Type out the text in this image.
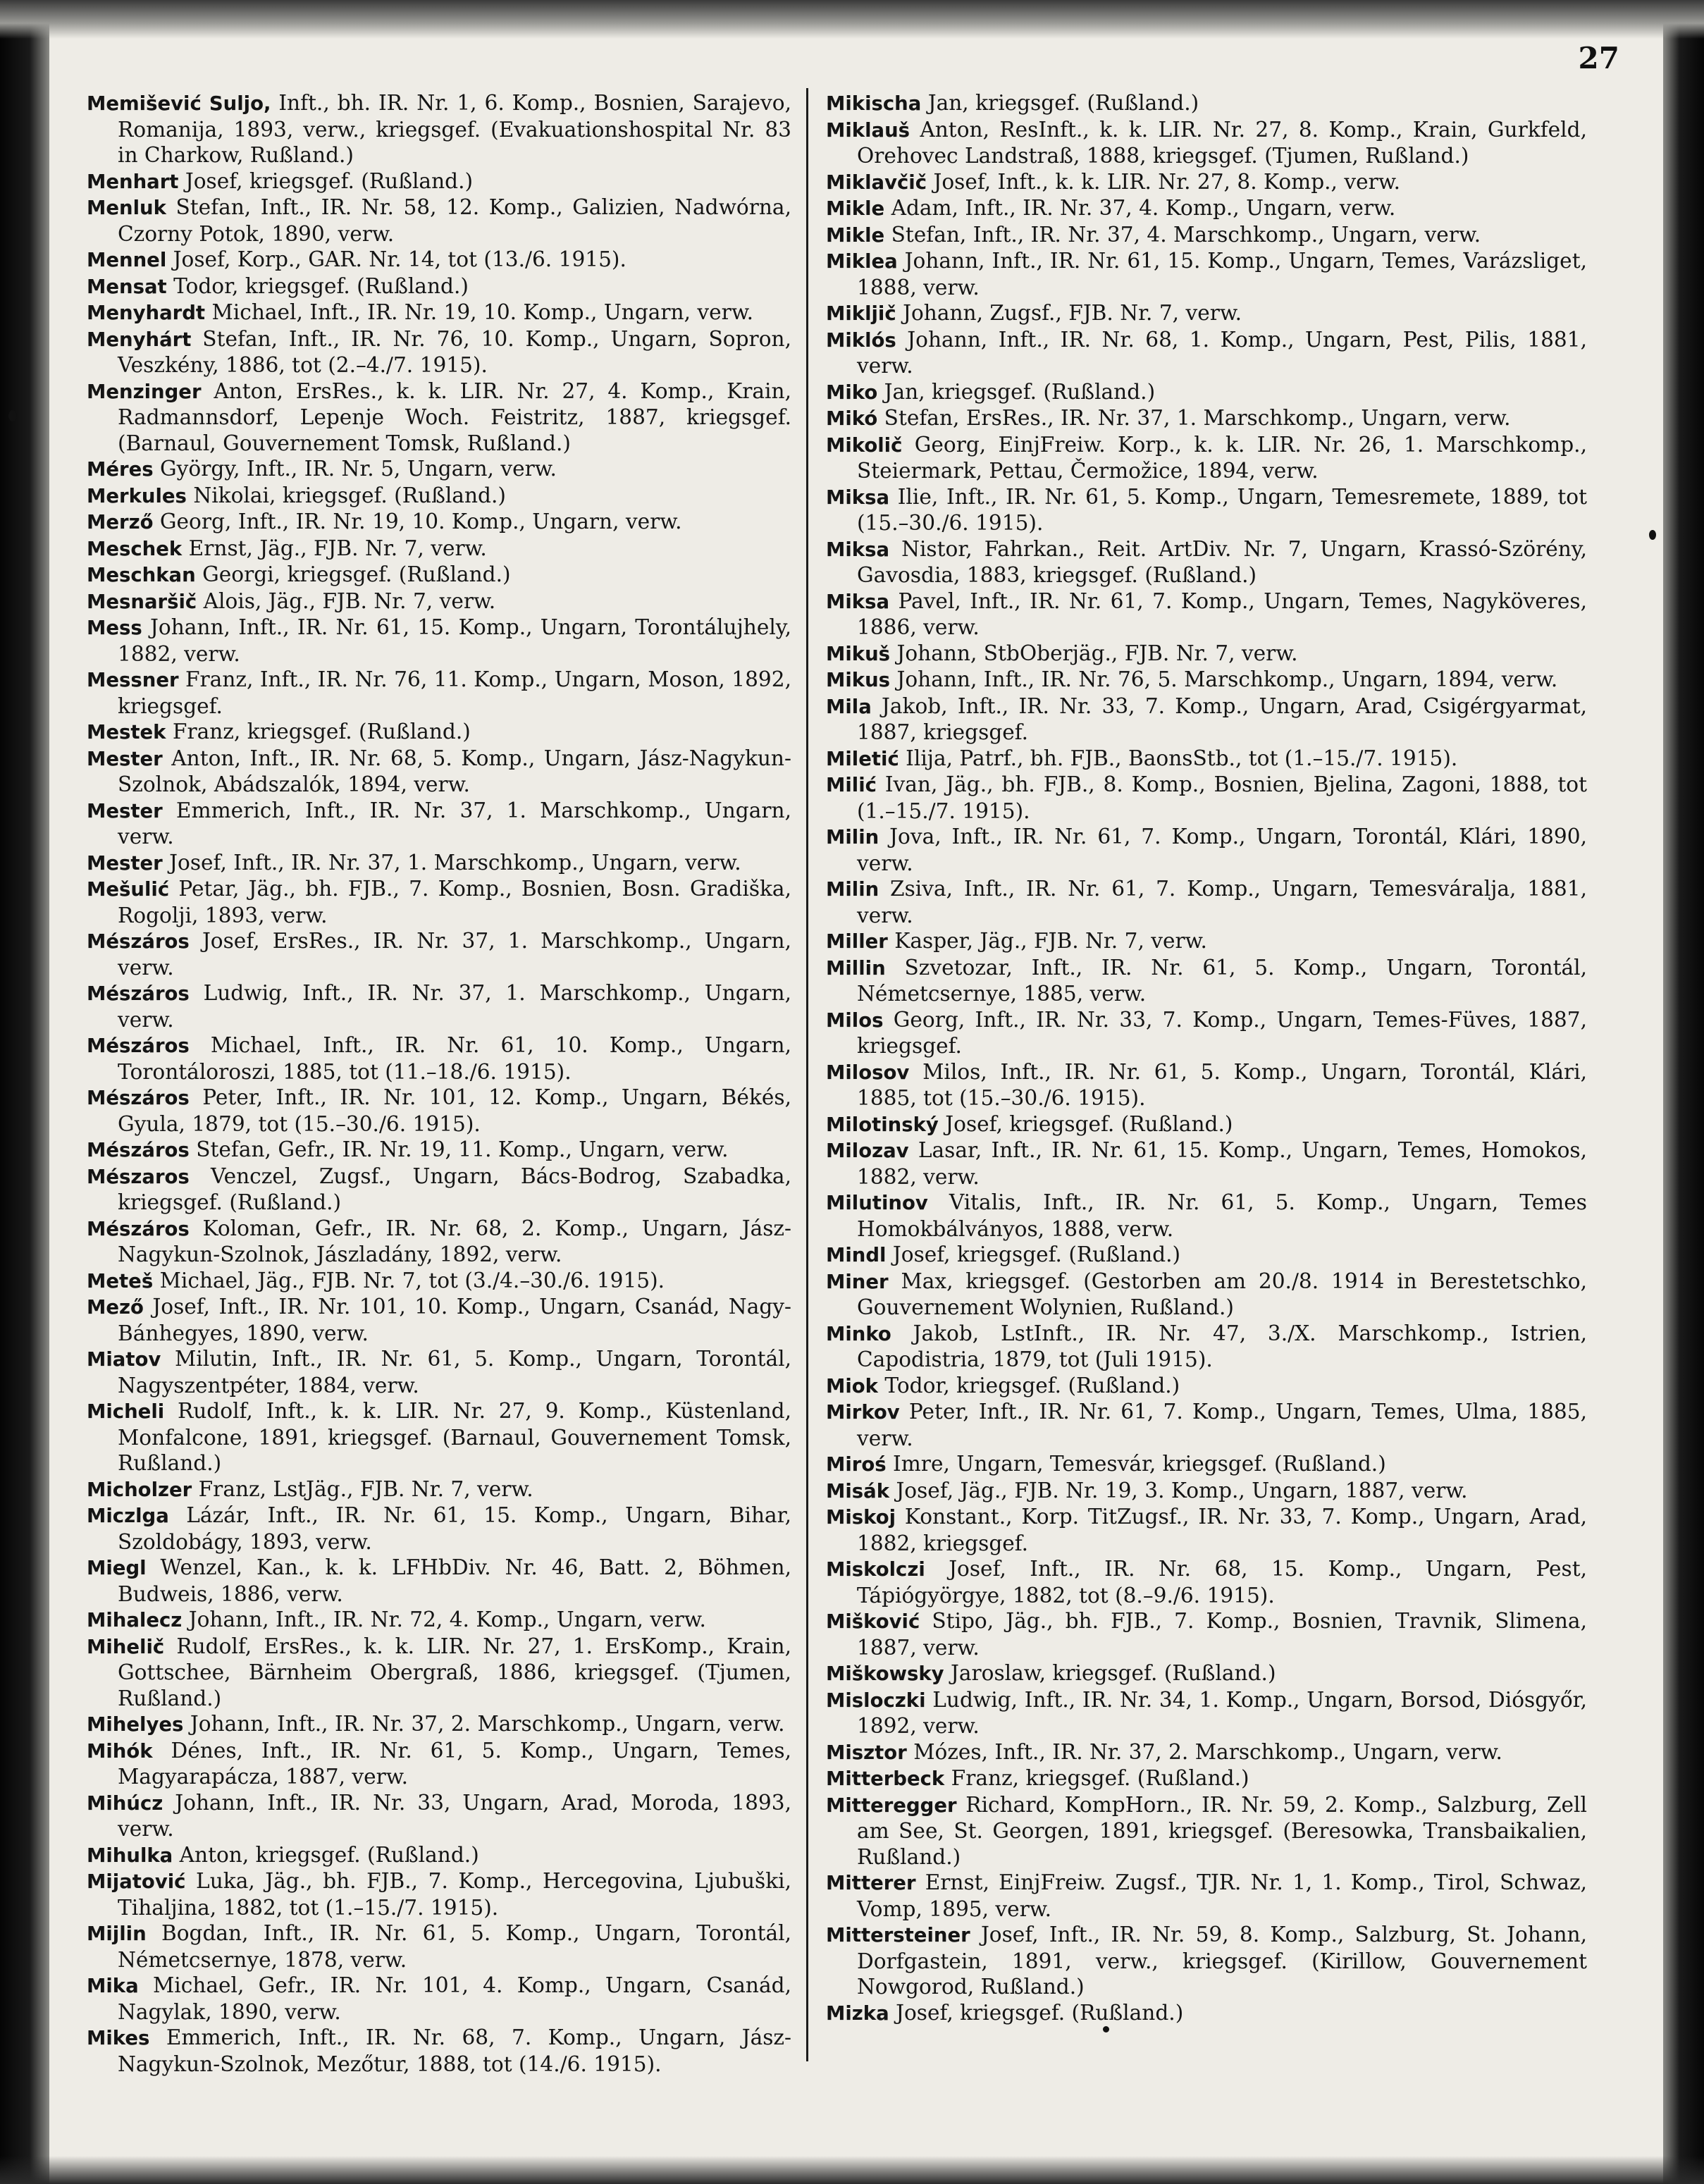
27

Memišević Suljo, Inft., bh. IR. Nr. 1, 6. Komp., Bosnien, Sarajevo, Romanija, 1893, verw., kriegsgef. (Evakuationshospital Nr. 83 in Charkow, Rußland.)

Menhart Josef, kriegsgef. (Rußland.)

Menluk Stefan, Inft., IR. Nr. 58, 12. Komp., Galizien, Nadwórna, Czorny Potok, 1890, verw.

Mennel Josef, Korp., GAR. Nr. 14, tot (13./6. 1915).

Mensat Todor, kriegsgef. (Rußland.)

Menyhardt Michael, Inft., IR. Nr. 19, 10. Komp., Ungarn, verw.

Menyhárt Stefan, Inft., IR. Nr. 76, 10. Komp., Ungarn, Sopron, Veszkény, 1886, tot (2.–4./7. 1915).

Menzinger Anton, ErsRes., k. k. LIR. Nr. 27, 4. Komp., Krain, Radmannsdorf, Lepenje Woch. Feistritz, 1887, kriegsgef. (Barnaul, Gouvernement Tomsk, Rußland.)

Méres György, Inft., IR. Nr. 5, Ungarn, verw.

Merkules Nikolai, kriegsgef. (Rußland.)

Merző Georg, Inft., IR. Nr. 19, 10. Komp., Ungarn, verw.

Meschek Ernst, Jäg., FJB. Nr. 7, verw.

Meschkan Georgi, kriegsgef. (Rußland.)

Mesnaršič Alois, Jäg., FJB. Nr. 7, verw.

Mess Johann, Inft., IR. Nr. 61, 15. Komp., Ungarn, Torontálujhely, 1882, verw.

Messner Franz, Inft., IR. Nr. 76, 11. Komp., Ungarn, Moson, 1892, kriegsgef.

Mestek Franz, kriegsgef. (Rußland.)

Mester Anton, Inft., IR. Nr. 68, 5. Komp., Ungarn, Jász-Nagykun-Szolnok, Abádszalók, 1894, verw.

Mester Emmerich, Inft., IR. Nr. 37, 1. Marschkomp., Ungarn, verw.

Mester Josef, Inft., IR. Nr. 37, 1. Marschkomp., Ungarn, verw.

Mešulić Petar, Jäg., bh. FJB., 7. Komp., Bosnien, Bosn. Gradiška, Rogolji, 1893, verw.

Mészáros Josef, ErsRes., IR. Nr. 37, 1. Marschkomp., Ungarn, verw.

Mészáros Ludwig, Inft., IR. Nr. 37, 1. Marschkomp., Ungarn, verw.

Mészáros Michael, Inft., IR. Nr. 61, 10. Komp., Ungarn, Torontáloroszi, 1885, tot (11.–18./6. 1915).

Mészáros Peter, Inft., IR. Nr. 101, 12. Komp., Ungarn, Békés, Gyula, 1879, tot (15.–30./6. 1915).

Mészáros Stefan, Gefr., IR. Nr. 19, 11. Komp., Ungarn, verw.

Mészaros Venczel, Zugsf., Ungarn, Bács-Bodrog, Szabadka, kriegsgef. (Rußland.)

Mészáros Koloman, Gefr., IR. Nr. 68, 2. Komp., Ungarn, Jász-Nagykun-Szolnok, Jászladány, 1892, verw.

Meteš Michael, Jäg., FJB. Nr. 7, tot (3./4.–30./6. 1915).

Mező Josef, Inft., IR. Nr. 101, 10. Komp., Ungarn, Csanád, Nagy-Bánhegyes, 1890, verw.

Miatov Milutin, Inft., IR. Nr. 61, 5. Komp., Ungarn, Torontál, Nagyszentpéter, 1884, verw.

Micheli Rudolf, Inft., k. k. LIR. Nr. 27, 9. Komp., Küstenland, Monfalcone, 1891, kriegsgef. (Barnaul, Gouvernement Tomsk, Rußland.)

Micholzer Franz, LstJäg., FJB. Nr. 7, verw.

Miczlga Lázár, Inft., IR. Nr. 61, 15. Komp., Ungarn, Bihar, Szoldobágy, 1893, verw.

Miegl Wenzel, Kan., k. k. LFHbDiv. Nr. 46, Batt. 2, Böhmen, Budweis, 1886, verw.

Mihalecz Johann, Inft., IR. Nr. 72, 4. Komp., Ungarn, verw.

Mihelič Rudolf, ErsRes., k. k. LIR. Nr. 27, 1. ErsKomp., Krain, Gottschee, Bärnheim Obergraß, 1886, kriegsgef. (Tjumen, Rußland.)

Mihelyes Johann, Inft., IR. Nr. 37, 2. Marschkomp., Ungarn, verw.

Mihók Dénes, Inft., IR. Nr. 61, 5. Komp., Ungarn, Temes, Magyarapácza, 1887, verw.

Mihúcz Johann, Inft., IR. Nr. 33, Ungarn, Arad, Moroda, 1893, verw.

Mihulka Anton, kriegsgef. (Rußland.)

Mijatović Luka, Jäg., bh. FJB., 7. Komp., Hercegovina, Ljubuški, Tihaljina, 1882, tot (1.–15./7. 1915).

Mijlin Bogdan, Inft., IR. Nr. 61, 5. Komp., Ungarn, Torontál, Németcsernye, 1878, verw.

Mika Michael, Gefr., IR. Nr. 101, 4. Komp., Ungarn, Csanád, Nagylak, 1890, verw.

Mikes Emmerich, Inft., IR. Nr. 68, 7. Komp., Ungarn, Jász-Nagykun-Szolnok, Mezőtur, 1888, tot (14./6. 1915).

Mikischa Jan, kriegsgef. (Rußland.)

Miklauš Anton, ResInft., k. k. LIR. Nr. 27, 8. Komp., Krain, Gurkfeld, Orehovec Landstraß, 1888, kriegsgef. (Tjumen, Rußland.)

Miklavčič Josef, Inft., k. k. LIR. Nr. 27, 8. Komp., verw.

Mikle Adam, Inft., IR. Nr. 37, 4. Komp., Ungarn, verw.

Mikle Stefan, Inft., IR. Nr. 37, 4. Marschkomp., Ungarn, verw.

Miklea Johann, Inft., IR. Nr. 61, 15. Komp., Ungarn, Temes, Varázsliget, 1888, verw.

Mikljič Johann, Zugsf., FJB. Nr. 7, verw.

Miklós Johann, Inft., IR. Nr. 68, 1. Komp., Ungarn, Pest, Pilis, 1881, verw.

Miko Jan, kriegsgef. (Rußland.)

Mikó Stefan, ErsRes., IR. Nr. 37, 1. Marschkomp., Ungarn, verw.

Mikolič Georg, EinjFreiw. Korp., k. k. LIR. Nr. 26, 1. Marschkomp., Steiermark, Pettau, Čermožice, 1894, verw.

Miksa Ilie, Inft., IR. Nr. 61, 5. Komp., Ungarn, Temesremete, 1889, tot (15.–30./6. 1915).

Miksa Nistor, Fahrkan., Reit. ArtDiv. Nr. 7, Ungarn, Krassó-Szörény, Gavosdia, 1883, kriegsgef. (Rußland.)

Miksa Pavel, Inft., IR. Nr. 61, 7. Komp., Ungarn, Temes, Nagyköveres, 1886, verw.

Mikuš Johann, StbOberjäg., FJB. Nr. 7, verw.

Mikus Johann, Inft., IR. Nr. 76, 5. Marschkomp., Ungarn, 1894, verw.

Mila Jakob, Inft., IR. Nr. 33, 7. Komp., Ungarn, Arad, Csigérgyarmat, 1887, kriegsgef.

Miletić Ilija, Patrf., bh. FJB., BaonsStb., tot (1.–15./7. 1915).

Milić Ivan, Jäg., bh. FJB., 8. Komp., Bosnien, Bjelina, Zagoni, 1888, tot (1.–15./7. 1915).

Milin Jova, Inft., IR. Nr. 61, 7. Komp., Ungarn, Torontál, Klári, 1890, verw.

Milin Zsiva, Inft., IR. Nr. 61, 7. Komp., Ungarn, Temesváralja, 1881, verw.

Miller Kasper, Jäg., FJB. Nr. 7, verw.

Millin Szvetozar, Inft., IR. Nr. 61, 5. Komp., Ungarn, Torontál, Németcsernye, 1885, verw.

Milos Georg, Inft., IR. Nr. 33, 7. Komp., Ungarn, Temes-Füves, 1887, kriegsgef.

Milosov Milos, Inft., IR. Nr. 61, 5. Komp., Ungarn, Torontál, Klári, 1885, tot (15.–30./6. 1915).

Milotinský Josef, kriegsgef. (Rußland.)

Milozav Lasar, Inft., IR. Nr. 61, 15. Komp., Ungarn, Temes, Homokos, 1882, verw.

Milutinov Vitalis, Inft., IR. Nr. 61, 5. Komp., Ungarn, Temes Homokbálványos, 1888, verw.

Mindl Josef, kriegsgef. (Rußland.)

Miner Max, kriegsgef. (Gestorben am 20./8. 1914 in Berestetschko, Gouvernement Wolynien, Rußland.)

Minko Jakob, LstInft., IR. Nr. 47, 3./X. Marschkomp., Istrien, Capodistria, 1879, tot (Juli 1915).

Miok Todor, kriegsgef. (Rußland.)

Mirkov Peter, Inft., IR. Nr. 61, 7. Komp., Ungarn, Temes, Ulma, 1885, verw.

Miroś Imre, Ungarn, Temesvár, kriegsgef. (Rußland.)

Misák Josef, Jäg., FJB. Nr. 19, 3. Komp., Ungarn, 1887, verw.

Miskoj Konstant., Korp. TitZugsf., IR. Nr. 33, 7. Komp., Ungarn, Arad, 1882, kriegsgef.

Miskolczi Josef, Inft., IR. Nr. 68, 15. Komp., Ungarn, Pest, Tápiógyörgye, 1882, tot (8.–9./6. 1915).

Mišković Stipo, Jäg., bh. FJB., 7. Komp., Bosnien, Travnik, Slimena, 1887, verw.

Miškowsky Jaroslaw, kriegsgef. (Rußland.)

Misloczki Ludwig, Inft., IR. Nr. 34, 1. Komp., Ungarn, Borsod, Diósgyőr, 1892, verw.

Misztor Mózes, Inft., IR. Nr. 37, 2. Marschkomp., Ungarn, verw.

Mitterbeck Franz, kriegsgef. (Rußland.)

Mitteregger Richard, KompHorn., IR. Nr. 59, 2. Komp., Salzburg, Zell am See, St. Georgen, 1891, kriegsgef. (Beresowka, Transbaikalien, Rußland.)

Mitterer Ernst, EinjFreiw. Zugsf., TJR. Nr. 1, 1. Komp., Tirol, Schwaz, Vomp, 1895, verw.

Mittersteiner Josef, Inft., IR. Nr. 59, 8. Komp., Salzburg, St. Johann, Dorfgastein, 1891, verw., kriegsgef. (Kirillow, Gouvernement Nowgorod, Rußland.)

Mizka Josef, kriegsgef. (Rußland.)
